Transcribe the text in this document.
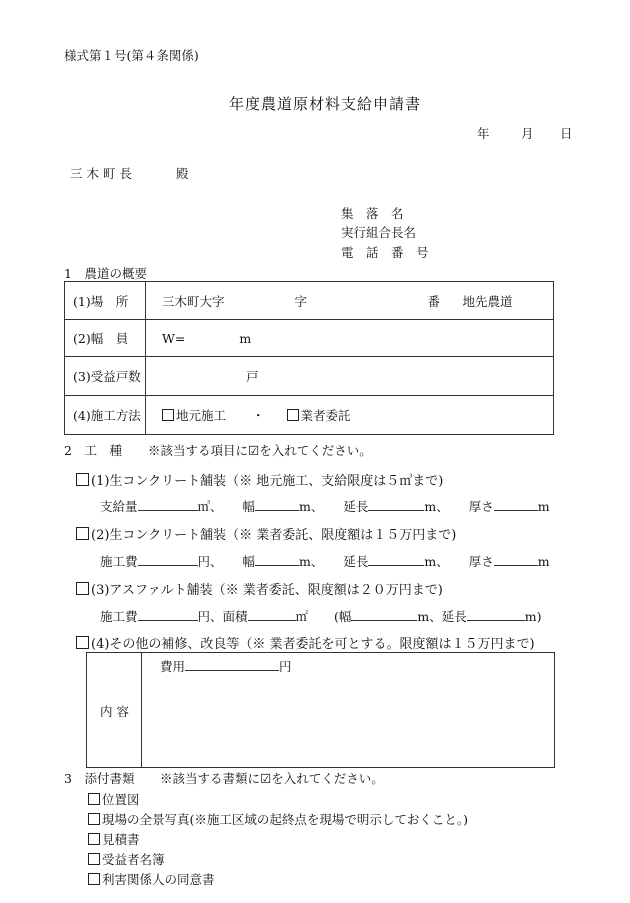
様式第１号(第４条関係)
年度農道原材料支給申請書
年	月 日
三 木 町 長	殿
集　落　名
実行組合長名
電　話　番　号
1　農道の概要
(1)場　所	三木町大字 字 番 地先農道

(2)幅　員	W= m
(3)受益戸数	戸
(4)施工方法	地元施工 ・ 業者委託
2　工　種 ※該当する項目に☑を入れてください。
(1)生コンクリート舗装（※ 地元施工、支給限度は５㎥まで)
支給量	㎥、 幅	m、 延長	m、 厚さ	m
(2)生コンクリート舗装（※ 業者委託、限度額は１５万円まで)
施工費	円、 幅	m、 延長	m、 厚さ	m
(3)アスファルト舗装（※ 業者委託、限度額は２０万円まで)
施工費	円、面積	㎡ (幅	m、延長	m)
(4)その他の補修、改良等（※ 業者委託を可とする。限度額は１５万円まで)
内 容
費用	円
3　添付書類 ※該当する書類に☑を入れてください。
位置図
現場の全景写真(※施工区域の起終点を現場で明示しておくこと。)
見積書
受益者名簿
利害関係人の同意書
